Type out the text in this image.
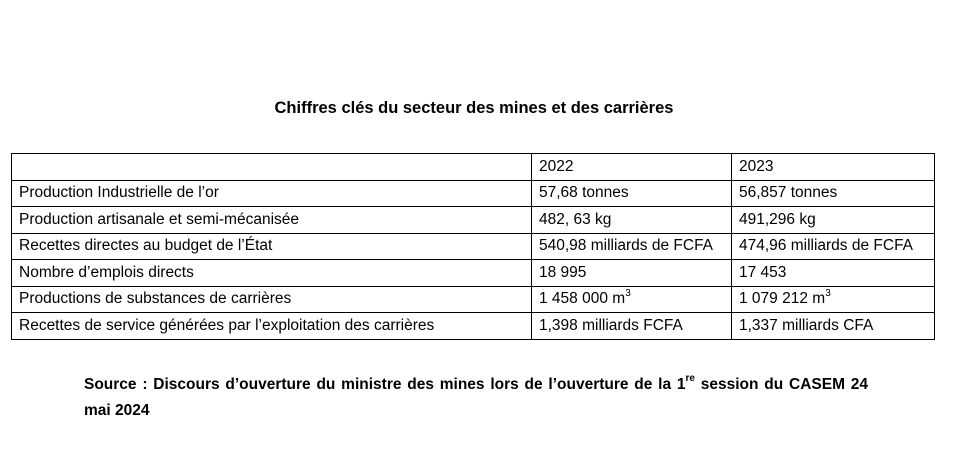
Chiffres clés du secteur des mines et des carrières
	2022	2023
Production Industrielle de l’or	57,68 tonnes	56,857 tonnes
Production artisanale et semi-mécanisée	482, 63 kg	491,296 kg
Recettes directes au budget de l’État	540,98 milliards de FCFA	474,96 milliards de FCFA
Nombre d’emplois directs	18 995	17 453
Productions de substances de carrières	1 458 000 $m^3$	1 079 212 $m^3$
Recettes de service générées par l’exploitation des carrières	1,398 milliards FCFA	1,337 milliards CFA
Source : Discours d’ouverture du ministre des mines lors de l’ouverture de la 1re session du CASEM 24 mai 2024
